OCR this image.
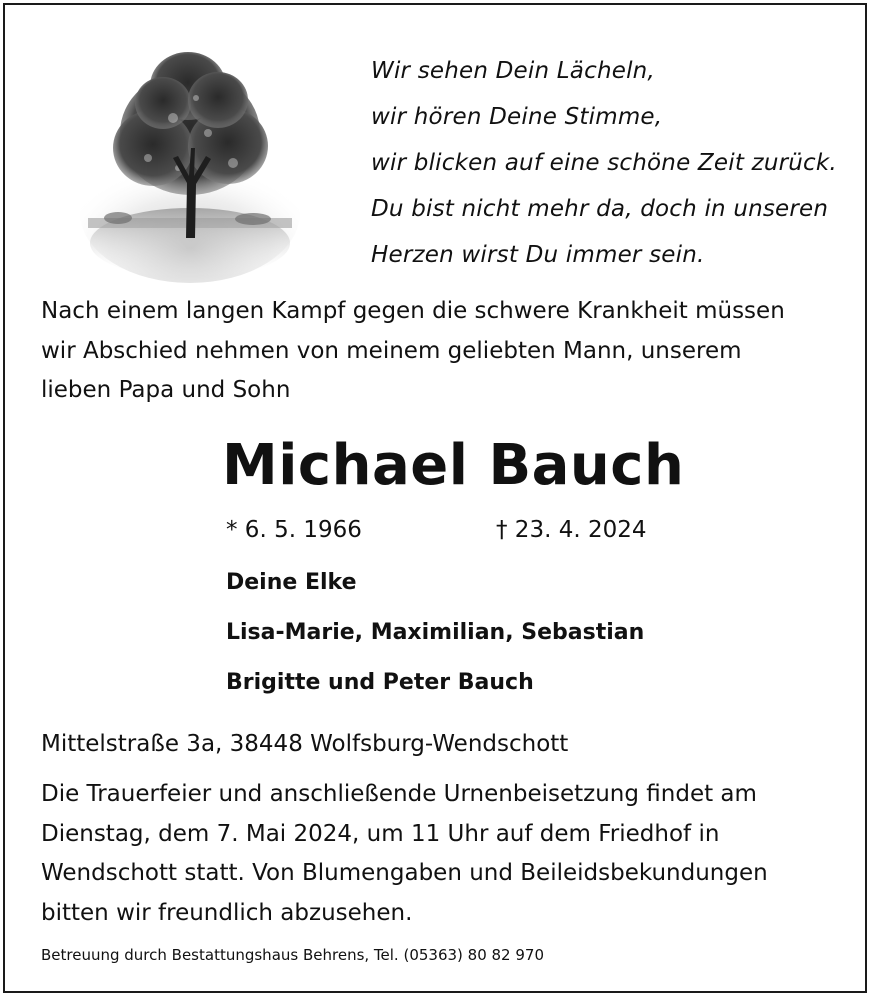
Wir sehen Dein Lächeln,
wir hören Deine Stimme,
wir blicken auf eine schöne Zeit zurück.
Du bist nicht mehr da, doch in unseren
Herzen wirst Du immer sein.
Nach einem langen Kampf gegen die schwere Krankheit müssen
wir Abschied nehmen von meinem geliebten Mann, unserem
lieben Papa und Sohn
Michael Bauch
* 6. 5. 1966	† 23. 4. 2024
Deine Elke
Lisa-Marie, Maximilian, Sebastian
Brigitte und Peter Bauch
Mittelstraße 3a, 38448 Wolfsburg-Wendschott
Die Trauerfeier und anschließende Urnenbeisetzung findet am
Dienstag, dem 7. Mai 2024, um 11 Uhr auf dem Friedhof in
Wendschott statt. Von Blumengaben und Beileidsbekundungen
bitten wir freundlich abzusehen.
Betreuung durch Bestattungshaus Behrens, Tel. (05363) 80 82 970
